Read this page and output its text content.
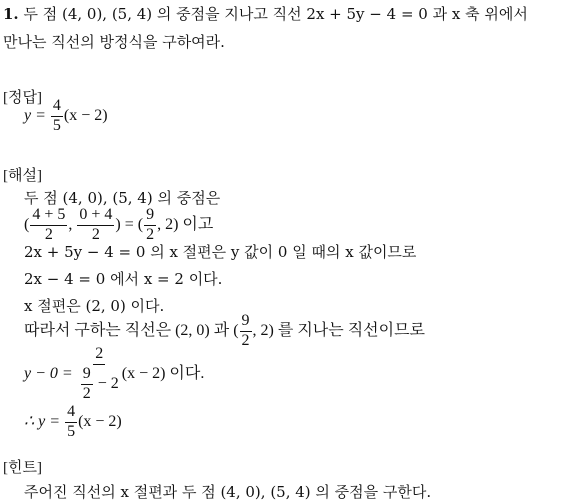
1. 두 점 (4, 0), (5, 4) 의 중점을 지나고 직선 2x + 5y − 4 = 0 과 x 축 위에서
만나는 직선의 방정식을 구하여라.
[정답]
$y = \frac{4}{5} (x - 2)$
[해설]
두 점 (4, 0), (5, 4) 의 중점은
( $\frac{4 + 5}{2}$ , $\frac{0 + 4}{2}$ ) = ( $\frac{9}{2}$ , 2) 이고
2x + 5y − 4 = 0 의 x 절편은 y 값이 0 일 때의 x 값이므로
2x − 4 = 0 에서 x = 2 이다.
x 절편은 (2, 0) 이다.
따라서 구하는 직선은 (2, 0) 과 ( $\frac{9}{2}$ , 2) 를 지나는 직선이므로
$y - 0 = \frac{2}{\frac{9}{2} - 2} (x - 2)$ 이다.
∴ $y = \frac{4}{5} (x - 2)$
[힌트]
주어진 직선의 x 절편과 두 점 (4, 0), (5, 4) 의 중점을 구한다.
